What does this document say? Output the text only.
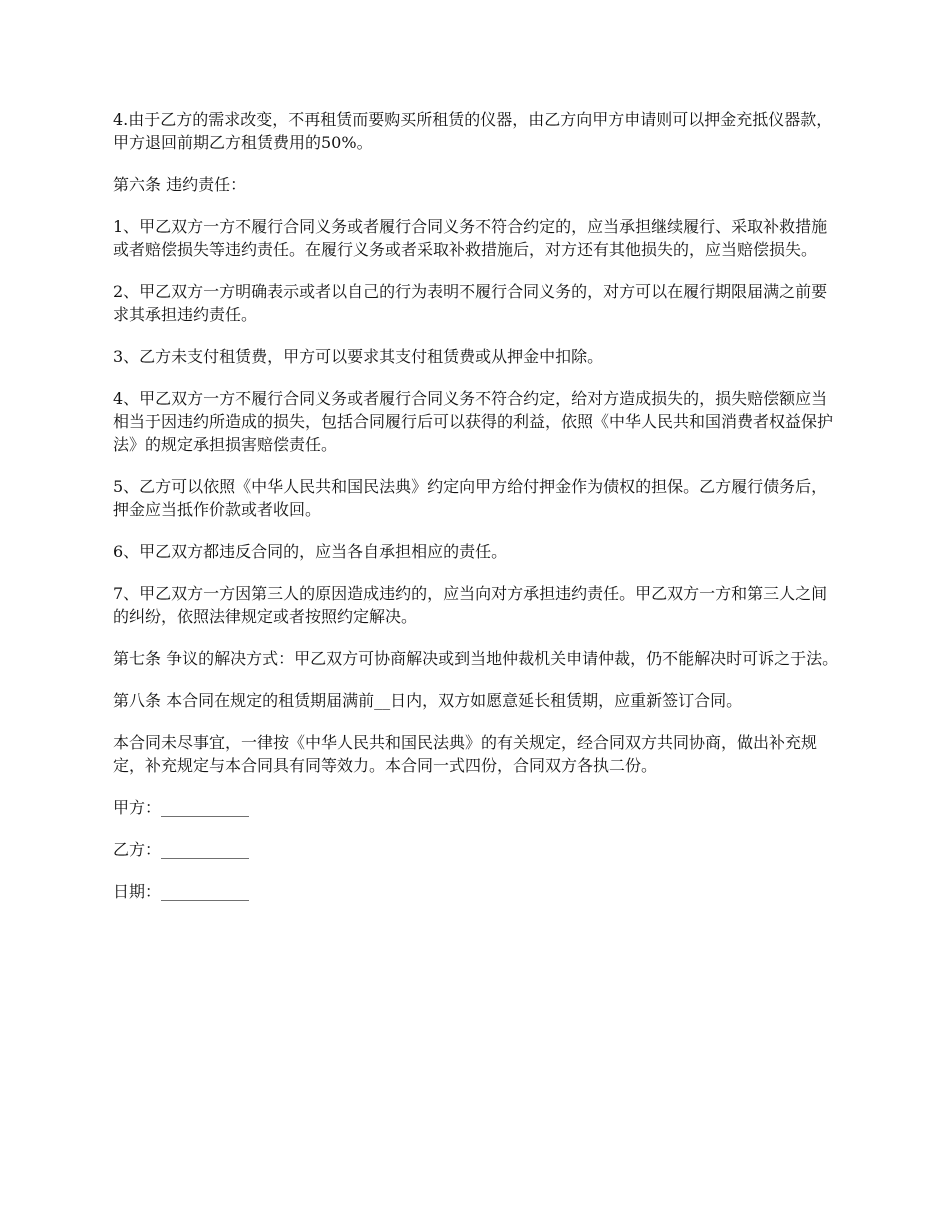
4.由于乙方的需求改变，不再租赁而要购买所租赁的仪器，由乙方向甲方申请则可以押金充抵仪器款，甲方退回前期乙方租赁费用的50%。

第六条 违约责任：

1、甲乙双方一方不履行合同义务或者履行合同义务不符合约定的，应当承担继续履行、采取补救措施或者赔偿损失等违约责任。在履行义务或者采取补救措施后，对方还有其他损失的，应当赔偿损失。

2、甲乙双方一方明确表示或者以自己的行为表明不履行合同义务的，对方可以在履行期限届满之前要求其承担违约责任。

3、乙方未支付租赁费，甲方可以要求其支付租赁费或从押金中扣除。

4、甲乙双方一方不履行合同义务或者履行合同义务不符合约定，给对方造成损失的，损失赔偿额应当相当于因违约所造成的损失，包括合同履行后可以获得的利益，依照《中华人民共和国消费者权益保护法》的规定承担损害赔偿责任。

5、乙方可以依照《中华人民共和国民法典》约定向甲方给付押金作为债权的担保。乙方履行债务后，押金应当抵作价款或者收回。

6、甲乙双方都违反合同的，应当各自承担相应的责任。

7、甲乙双方一方因第三人的原因造成违约的，应当向对方承担违约责任。甲乙双方一方和第三人之间的纠纷，依照法律规定或者按照约定解决。

第七条 争议的解决方式：甲乙双方可协商解决或到当地仲裁机关申请仲裁，仍不能解决时可诉之于法。

第八条 本合同在规定的租赁期届满前__日内，双方如愿意延长租赁期，应重新签订合同。

本合同未尽事宜，一律按《中华人民共和国民法典》的有关规定，经合同双方共同协商，做出补充规定，补充规定与本合同具有同等效力。本合同一式四份，合同双方各执二份。

甲方：___________

乙方：___________

日期：___________
